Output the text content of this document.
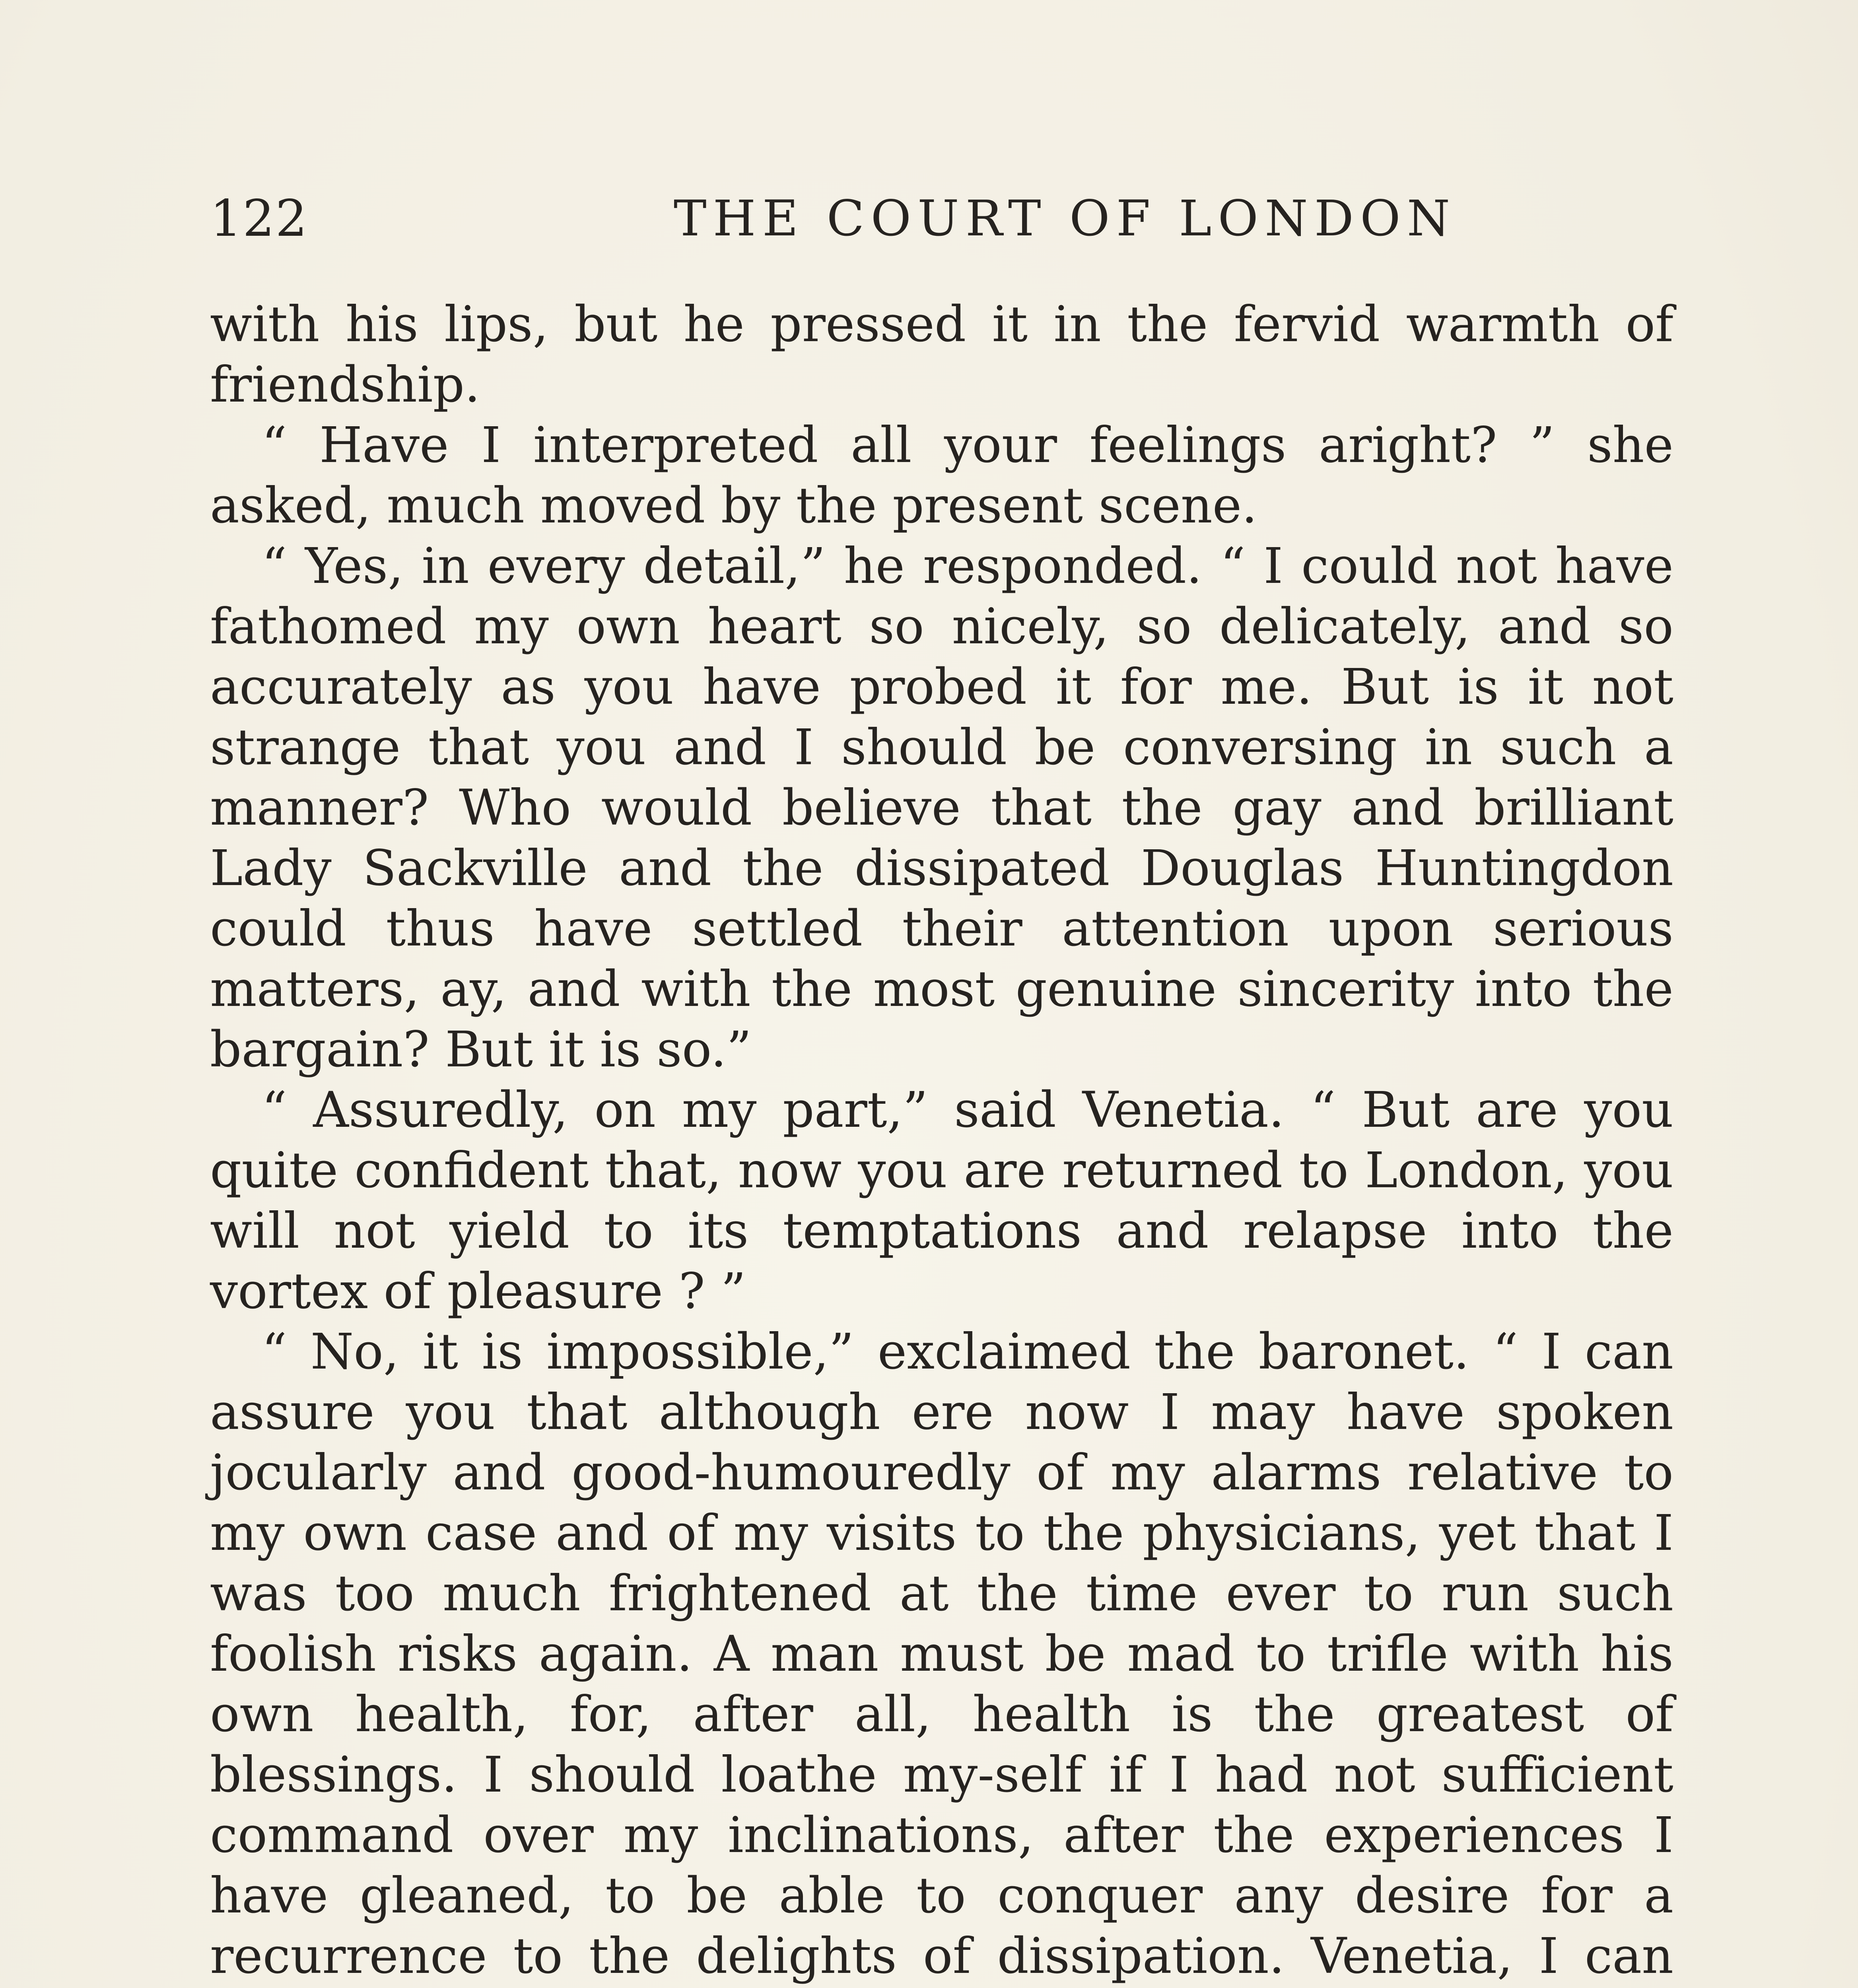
122	THE COURT OF LONDON

with his lips, but he pressed it in the fervid warmth of friendship.

“ Have I interpreted all your feelings aright? ” she asked, much moved by the present scene.

“ Yes, in every detail,” he responded. “ I could not have fathomed my own heart so nicely, so delicately, and so accurately as you have probed it for me. But is it not strange that you and I should be conversing in such a manner? Who would believe that the gay and brilliant Lady Sackville and the dissipated Douglas Huntingdon could thus have settled their attention upon serious matters, ay, and with the most genuine sincerity into the bargain? But it is so.”

“ Assuredly, on my part,” said Venetia. “ But are you quite confident that, now you are returned to London, you will not yield to its temptations and relapse into the vortex of pleasure ? ”

“ No, it is impossible,” exclaimed the baronet. “ I can assure you that although ere now I may have spoken jocularly and good-humouredly of my alarms relative to my own case and of my visits to the physicians, yet that I was too much frightened at the time ever to run such foolish risks again. A man must be mad to trifle with his own health, for, after all, health is the greatest of blessings. I should loathe my-self if I had not sufficient command over my inclinations, after the experiences I have gleaned, to be able to conquer any desire for a recurrence to the delights of dissipation. Venetia, I can
